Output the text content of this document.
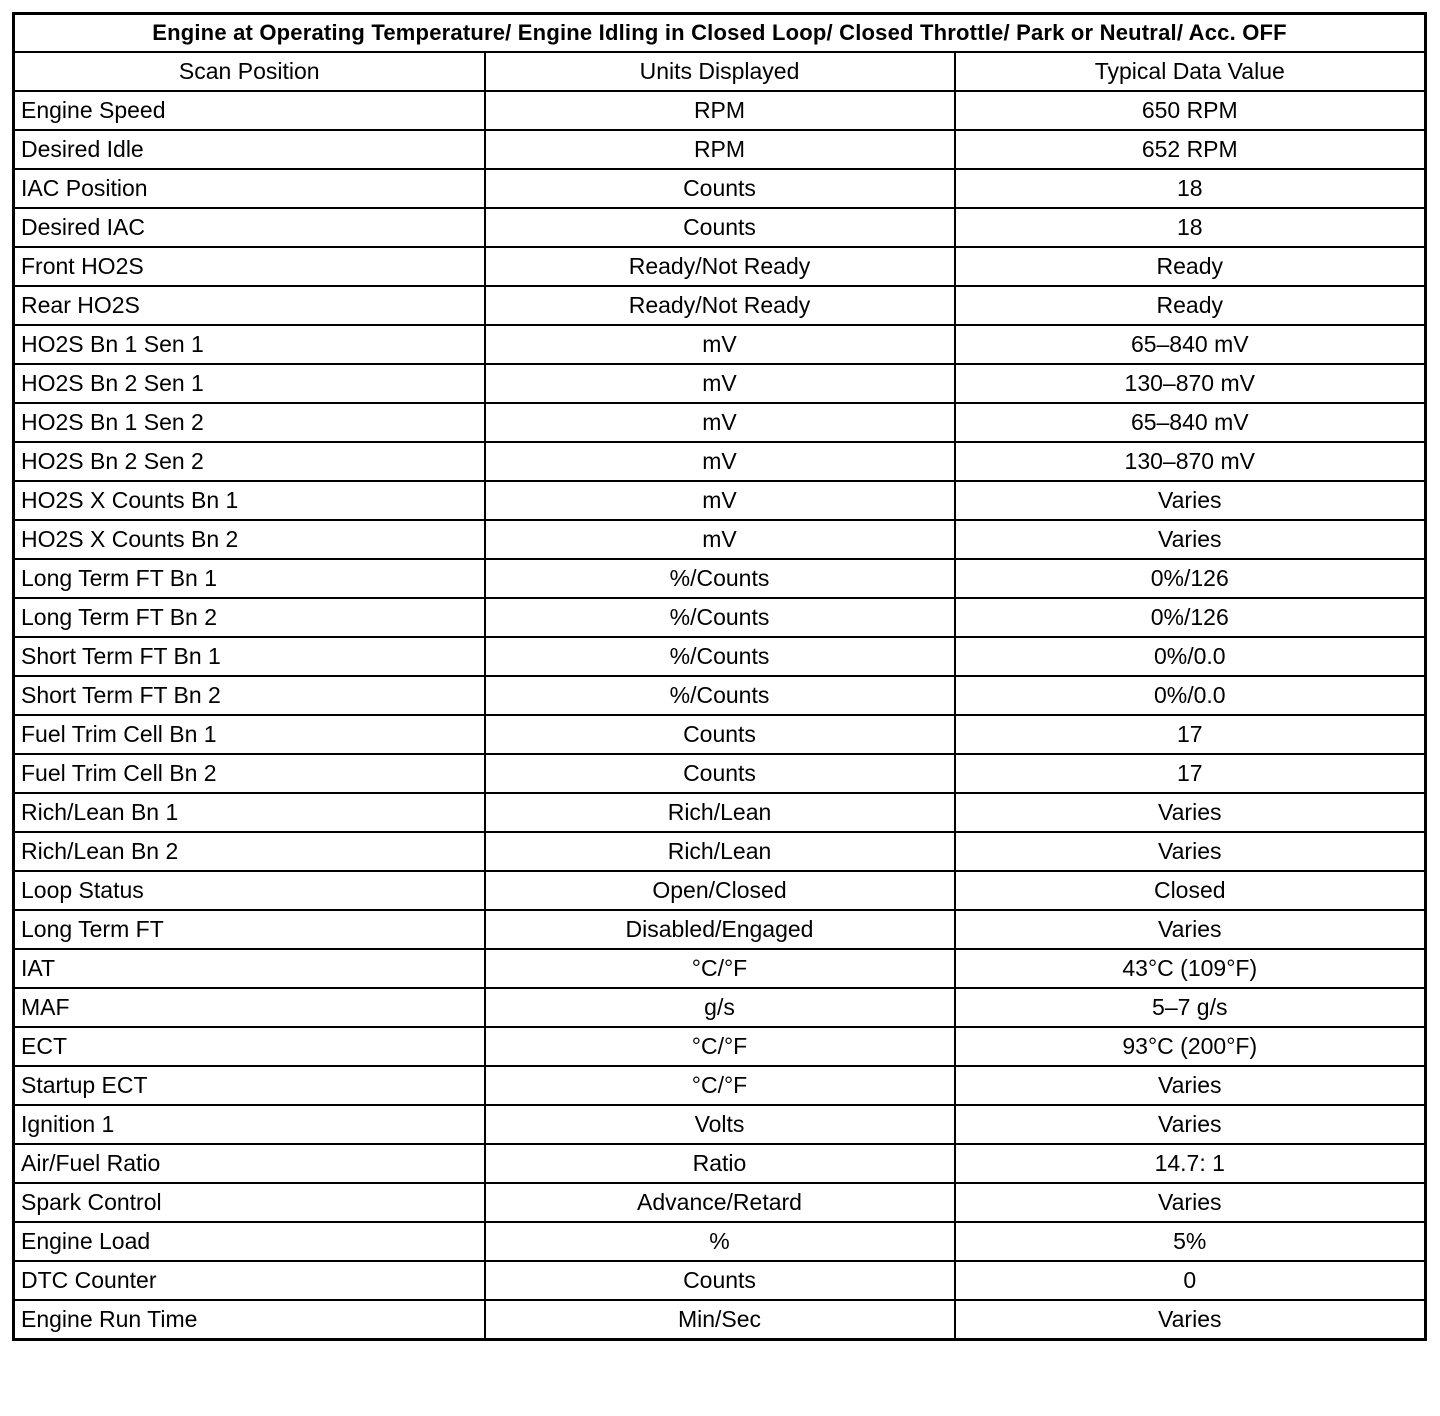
Engine at Operating Temperature/ Engine Idling in Closed Loop/ Closed Throttle/ Park or Neutral/ Acc. OFF		
Scan Position	Units Displayed	Typical Data Value
Engine Speed	RPM	650 RPM
Desired Idle	RPM	652 RPM
IAC Position	Counts	18
Desired IAC	Counts	18
Front HO2S	Ready/Not Ready	Ready
Rear HO2S	Ready/Not Ready	Ready
HO2S Bn 1 Sen 1	mV	65–840 mV
HO2S Bn 2 Sen 1	mV	130–870 mV
HO2S Bn 1 Sen 2	mV	65–840 mV
HO2S Bn 2 Sen 2	mV	130–870 mV
HO2S X Counts Bn 1	mV	Varies
HO2S X Counts Bn 2	mV	Varies
Long Term FT Bn 1	%/Counts	0%/126
Long Term FT Bn 2	%/Counts	0%/126
Short Term FT Bn 1	%/Counts	0%/0.0
Short Term FT Bn 2	%/Counts	0%/0.0
Fuel Trim Cell Bn 1	Counts	17
Fuel Trim Cell Bn 2	Counts	17
Rich/Lean Bn 1	Rich/Lean	Varies
Rich/Lean Bn 2	Rich/Lean	Varies
Loop Status	Open/Closed	Closed
Long Term FT	Disabled/Engaged	Varies
IAT	°C/°F	43°C (109°F)
MAF	g/s	5–7 g/s
ECT	°C/°F	93°C (200°F)
Startup ECT	°C/°F	Varies
Ignition 1	Volts	Varies
Air/Fuel Ratio	Ratio	14.7: 1
Spark Control	Advance/Retard	Varies
Engine Load	%	5%
DTC Counter	Counts	0
Engine Run Time	Min/Sec	Varies
